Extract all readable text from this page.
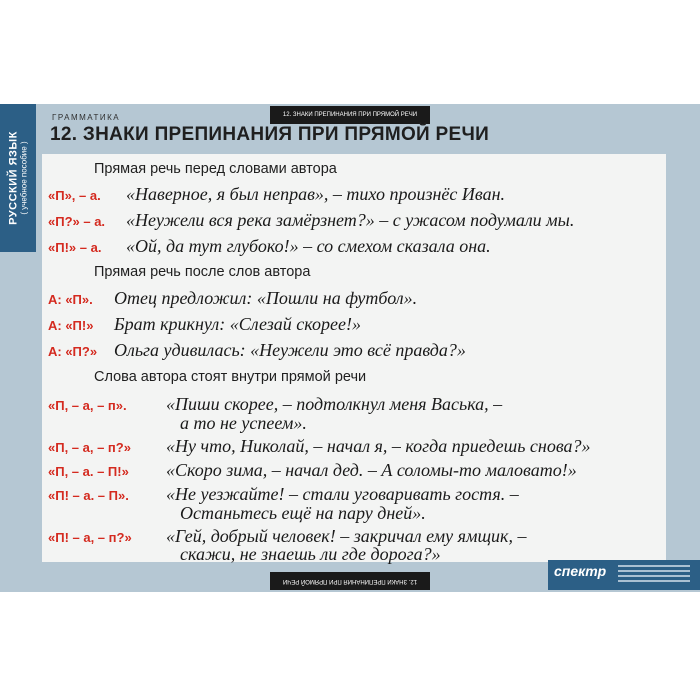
РУССКИЙ ЯЗЫК ( учебное пособие )
12. ЗНАКИ ПРЕПИНАНИЯ ПРИ ПРЯМОЙ РЕЧИ
ГРАММАТИКА
12. ЗНАКИ ПРЕПИНАНИЯ ПРИ ПРЯМОЙ РЕЧИ
Прямая речь перед словами автора
«П», – а. «Наверное, я был неправ», – тихо произнёс Иван.
«П?» – а. «Неужели вся река замёрзнет?» – с ужасом подумали мы.
«П!» – а. «Ой, да тут глубоко!» – со смехом сказала она.
Прямая речь после слов автора
А: «П». Отец предложил: «Пошли на футбол».
А: «П!» Брат крикнул: «Слезай скорее!»
А: «П?» Ольга удивилась: «Неужели это всё правда?»
Слова автора стоят внутри прямой речи
«П, – а, – п». «Пиши скорее, – подтолкнул меня Васька, –
а то не успеем».
«П, – а, – п?» «Ну что, Николай, – начал я, – когда приедешь снова?»
«П, – а. – П!» «Скоро зима, – начал дед. – А соломы-то маловато!»
«П! – а. – П». «Не уезжайте! – стали уговаривать гостя. –
Останьтесь ещё на пару дней».
«П! – а, – п?» «Гей, добрый человек! – закричал ему ямщик, –
скажи, не знаешь ли где дорога?»
12. ЗНАКИ ПРЕПИНАНИЯ ПРИ ПРЯМОЙ РЕЧИ
спектр
